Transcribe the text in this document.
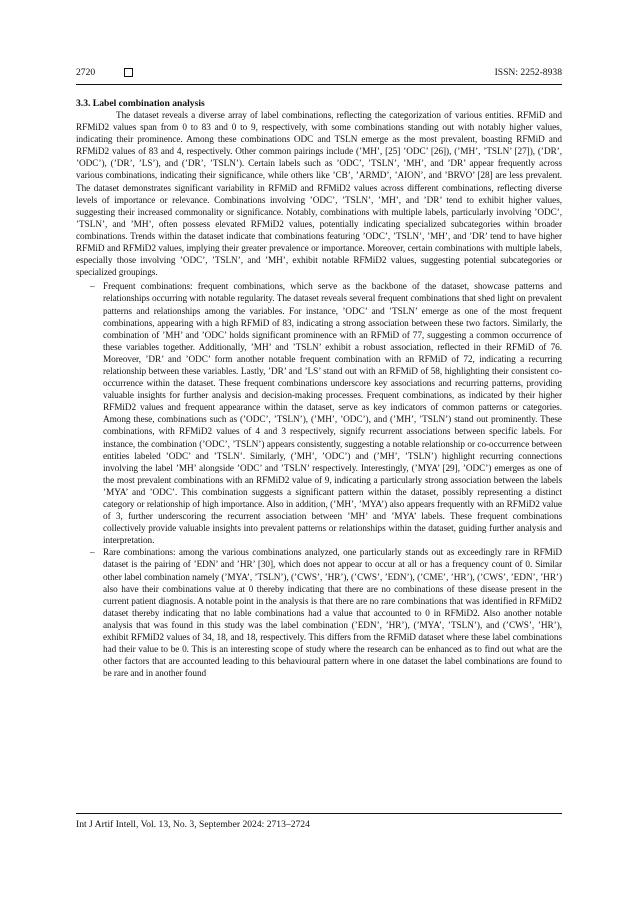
2720	ISSN: 2252-8938
3.3. Label combination analysis

The dataset reveals a diverse array of label combinations, reflecting the categorization of various entities. RFMiD and RFMiD2 values span from 0 to 83 and 0 to 9, respectively, with some combinations standing out with notably higher values, indicating their prominence. Among these combinations ODC and TSLN emerge as the most prevalent, boasting RFMiD and RFMiD2 values of 83 and 4, respectively. Other common pairings include (’MH’, [25] ’ODC’ [26]), (’MH’, ’TSLN’ [27]), (’DR’, ’ODC’), (’DR’, ’LS’), and (’DR’, ’TSLN’). Certain labels such as ’ODC’, ’TSLN’, ’MH’, and ’DR’ appear frequently across various combinations, indicating their significance, while others like ’CB’, ’ARMD’, ’AION’, and ’BRVO’ [28] are less prevalent. The dataset demonstrates significant variability in RFMiD and RFMiD2 values across different combinations, reflecting diverse levels of importance or relevance. Combinations involving ’ODC’, ’TSLN’, ’MH’, and ’DR’ tend to exhibit higher values, suggesting their increased commonality or significance. Notably, combinations with multiple labels, particularly involving ’ODC’, ’TSLN’, and ’MH’, often possess elevated RFMiD2 values, potentially indicating specialized subcategories within broader combinations. Trends within the dataset indicate that combinations featuring ’ODC’, ’TSLN’, ’MH’, and ’DR’ tend to have higher RFMiD and RFMiD2 values, implying their greater prevalence or importance. Moreover, certain combinations with multiple labels, especially those involving ’ODC’, ’TSLN’, and ’MH’, exhibit notable RFMiD2 values, suggesting potential subcategories or specialized groupings.

– Frequent combinations: frequent combinations, which serve as the backbone of the dataset, showcase patterns and relationships occurring with notable regularity. The dataset reveals several frequent combinations that shed light on prevalent patterns and relationships among the variables. For instance, ’ODC’ and ’TSLN’ emerge as one of the most frequent combinations, appearing with a high RFMiD of 83, indicating a strong association between these two factors. Similarly, the combination of ’MH’ and ’ODC’ holds significant prominence with an RFMiD of 77, suggesting a common occurrence of these variables together. Additionally, ’MH’ and ’TSLN’ exhibit a robust association, reflected in their RFMiD of 76. Moreover, ’DR’ and ’ODC’ form another notable frequent combination with an RFMiD of 72, indicating a recurring relationship between these variables. Lastly, ’DR’ and ’LS’ stand out with an RFMiD of 58, highlighting their consistent co-occurrence within the dataset. These frequent combinations underscore key associations and recurring patterns, providing valuable insights for further analysis and decision-making processes. Frequent combinations, as indicated by their higher RFMiD2 values and frequent appearance within the dataset, serve as key indicators of common patterns or categories. Among these, combinations such as (’ODC’, ’TSLN’), (’MH’, ’ODC’), and (’MH’, ’TSLN’) stand out prominently. These combinations, with RFMiD2 values of 4 and 3 respectively, signify recurrent associations between specific labels. For instance, the combination (’ODC’, ’TSLN’) appears consistently, suggesting a notable relationship or co-occurrence between entities labeled ’ODC’ and ’TSLN’. Similarly, (’MH’, ’ODC’) and (’MH’, ’TSLN’) highlight recurring connections involving the label ’MH’ alongside ’ODC’ and ’TSLN’ respectively. Interestingly, (’MYA’ [29], ’ODC’) emerges as one of the most prevalent combinations with an RFMiD2 value of 9, indicating a particularly strong association between the labels ’MYA’ and ’ODC’. This combination suggests a significant pattern within the dataset, possibly representing a distinct category or relationship of high importance. Also in addition, (’MH’, ’MYA’) also appears frequently with an RFMiD2 value of 3, further underscoring the recurrent association between ’MH’ and ’MYA’ labels. These frequent combinations collectively provide valuable insights into prevalent patterns or relationships within the dataset, guiding further analysis and interpretation.
– Rare combinations: among the various combinations analyzed, one particularly stands out as exceedingly rare in RFMiD dataset is the pairing of ’EDN’ and ’HR’ [30], which does not appear to occur at all or has a frequency count of 0. Similar other label combination namely (’MYA’, ’TSLN’), (’CWS’, ’HR’), (’CWS’, ’EDN’), (’CME’, ’HR’), (’CWS’, ’EDN’, ’HR’) also have their combinations value at 0 thereby indicating that there are no combinations of these disease present in the current patient diagnosis. A notable point in the analysis is that there are no rare combinations that was identified in RFMiD2 dataset thereby indicating that no lable combinations had a value that accounted to 0 in RFMiD2. Also another notable analysis that was found in this study was the label combination (’EDN’, ’HR’), (’MYA’, ’TSLN’), and (’CWS’, ’HR’), exhibit RFMiD2 values of 34, 18, and 18, respectively. This differs from the RFMiD dataset where these label combinations had their value to be 0. This is an interesting scope of study where the research can be enhanced as to find out what are the other factors that are accounted leading to this behavioural pattern where in one dataset the label combinations are found to be rare and in another found
Int J Artif Intell, Vol. 13, No. 3, September 2024: 2713–2724
